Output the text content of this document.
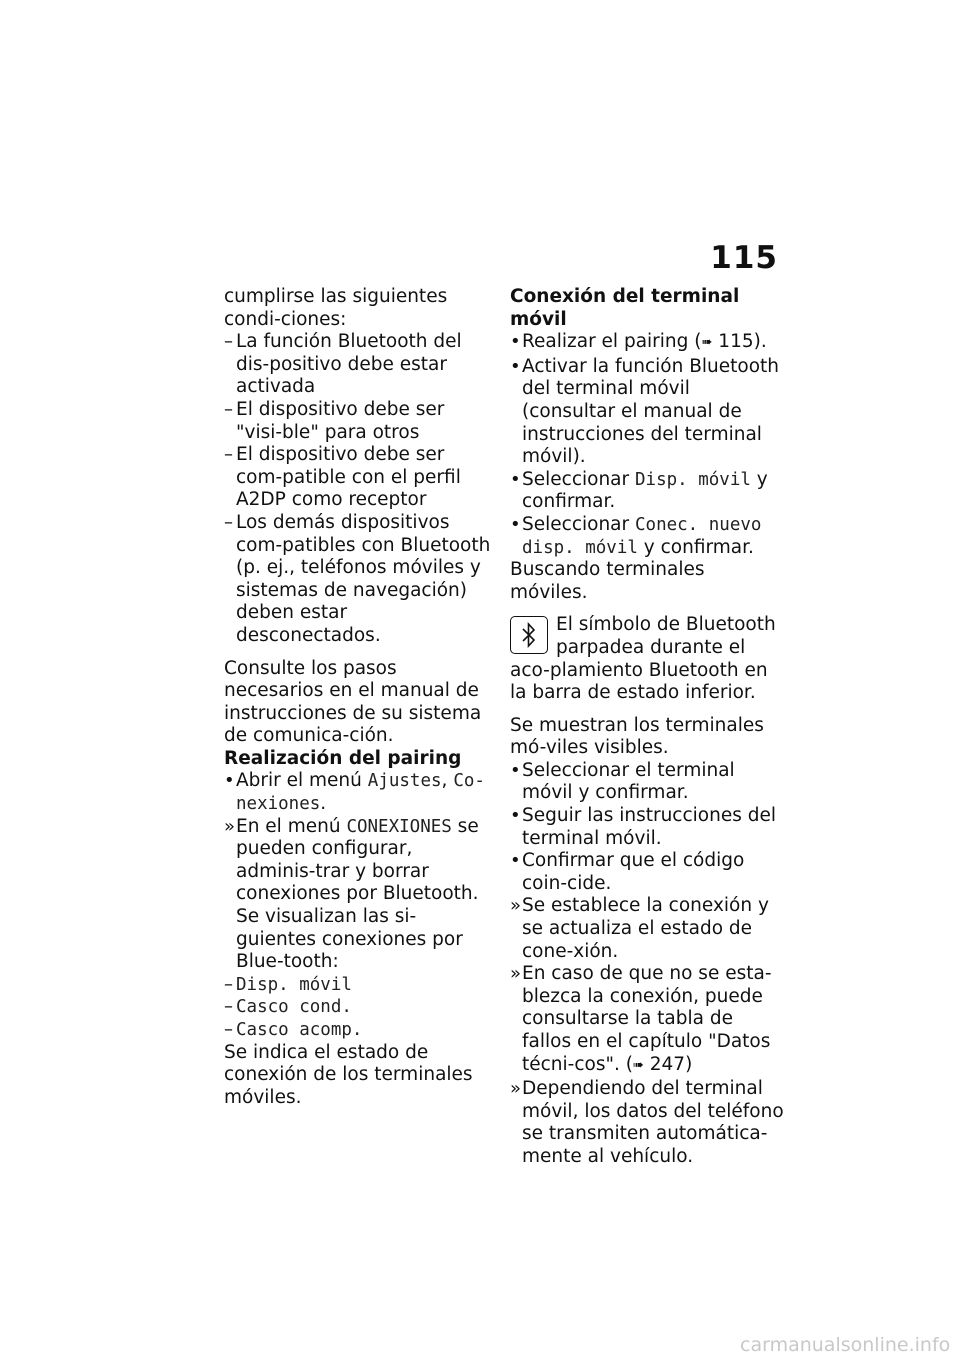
115

cumplirse las siguientes condi-ciones:

– La función Bluetooth del dis-positivo debe estar activada

– El dispositivo debe ser "visi-ble" para otros

– El dispositivo debe ser com-patible con el perfil A2DP como receptor

– Los demás dispositivos com-patibles con Bluetooth (p. ej., teléfonos móviles y sistemas de navegación) deben estar desconectados.

Consulte los pasos necesarios en el manual de instrucciones de su sistema de comunica-ción.

Realización del pairing

• Abrir el menú Ajustes, Co-nexiones.

» En el menú CONEXIONES se pueden configurar, adminis-trar y borrar conexiones por Bluetooth. Se visualizan las si-guientes conexiones por Blue-tooth:

– Disp. móvil

– Casco cond.

– Casco acomp.

Se indica el estado de conexión de los terminales móviles.

Conexión del terminal móvil

• Realizar el pairing (➠ 115).

• Activar la función Bluetooth del terminal móvil (consultar el manual de instrucciones del terminal móvil).

• Seleccionar Disp. móvil y confirmar.

• Seleccionar Conec. nuevo disp. móvil y confirmar.

Buscando terminales móviles.

El símbolo de Bluetooth parpadea durante el aco-plamiento Bluetooth en la barra de estado inferior.

Se muestran los terminales mó-viles visibles.

• Seleccionar el terminal móvil y confirmar.

• Seguir las instrucciones del terminal móvil.

• Confirmar que el código coin-cide.

» Se establece la conexión y se actualiza el estado de cone-xión.

» En caso de que no se esta-blezca la conexión, puede consultarse la tabla de fallos en el capítulo "Datos técni-cos". (➠ 247)

» Dependiendo del terminal móvil, los datos del teléfono se transmiten automática-mente al vehículo.

carmanualsonline.info
